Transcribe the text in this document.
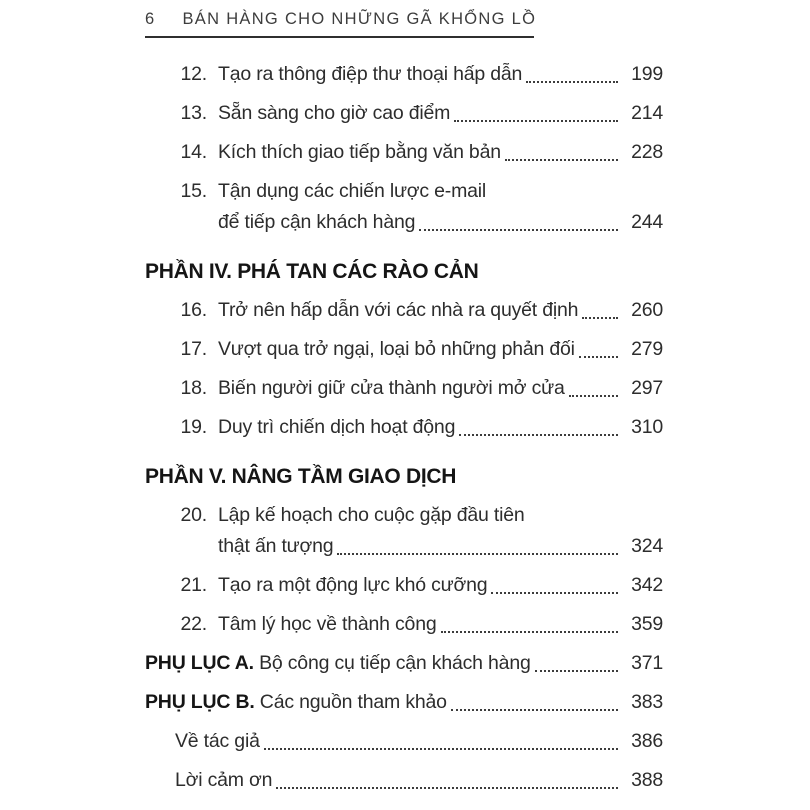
6 BÁN HÀNG CHO NHỮNG GÃ KHỔNG LỒ
12. Tạo ra thông điệp thư thoại hấp dẫn	199
13. Sẵn sàng cho giờ cao điểm	214
14. Kích thích giao tiếp bằng văn bản	228
15. Tận dụng các chiến lược e-mail
để tiếp cận khách hàng	244
PHẦN IV. PHÁ TAN CÁC RÀO CẢN
16. Trở nên hấp dẫn với các nhà ra quyết định	260
17. Vượt qua trở ngại, loại bỏ những phản đối	279
18. Biến người giữ cửa thành người mở cửa	297
19. Duy trì chiến dịch hoạt động	310
PHẦN V. NÂNG TẦM GIAO DỊCH
20. Lập kế hoạch cho cuộc gặp đầu tiên
thật ấn tượng	324
21. Tạo ra một động lực khó cưỡng	342
22. Tâm lý học về thành công	359
PHỤ LỤC A. Bộ công cụ tiếp cận khách hàng	371
PHỤ LỤC B. Các nguồn tham khảo	383
Về tác giả	386
Lời cảm ơn	388
